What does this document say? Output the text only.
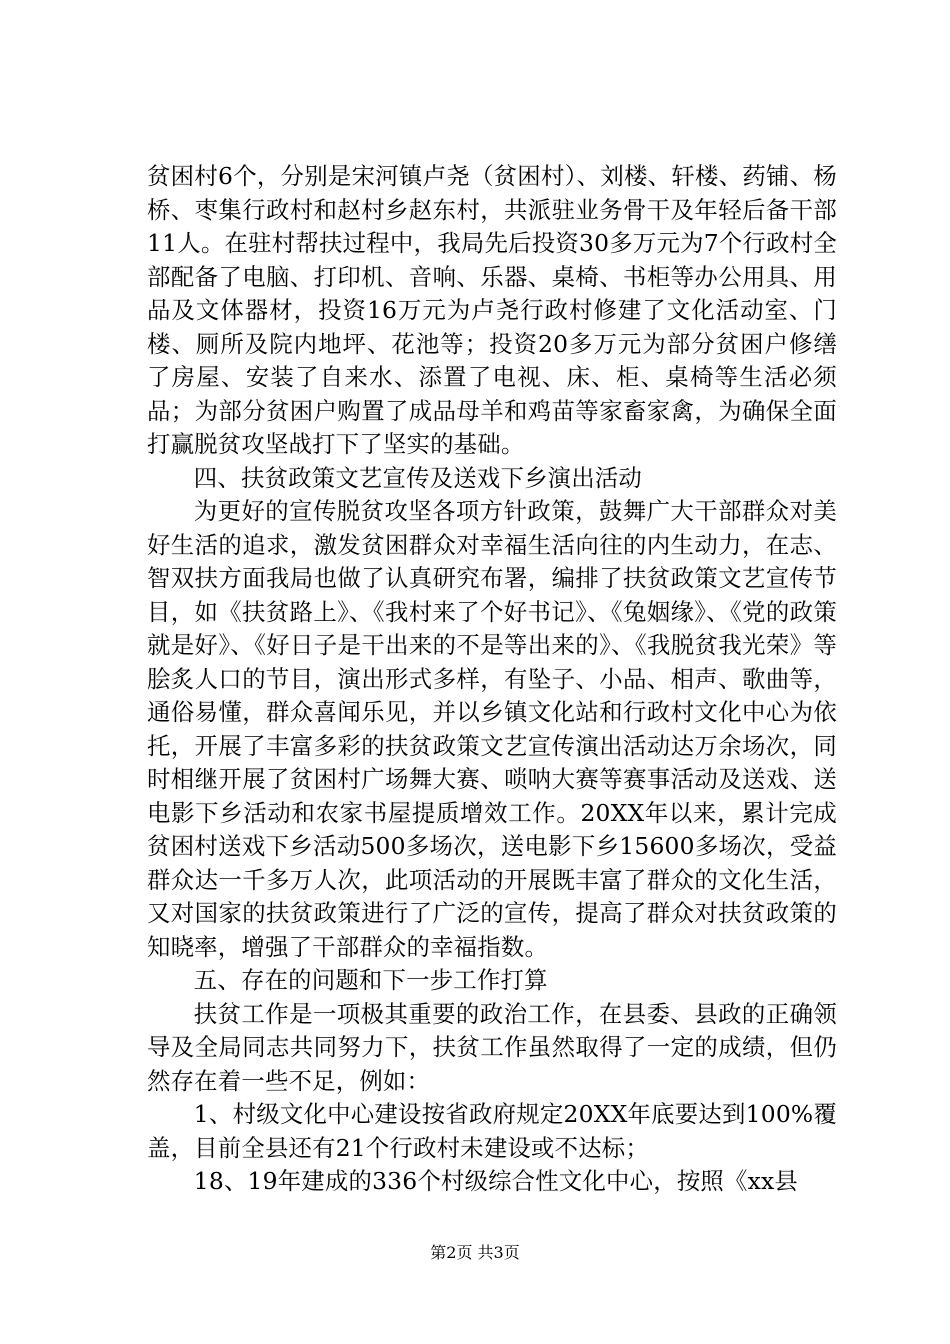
贫困村6个，分别是宋河镇卢尧（贫困村）、刘楼、轩楼、药铺、杨桥、枣集行政村和赵村乡赵东村，共派驻业务骨干及年轻后备干部11人。在驻村帮扶过程中，我局先后投资30多万元为7个行政村全部配备了电脑、打印机、音响、乐器、桌椅、书柜等办公用具、用品及文体器材，投资16万元为卢尧行政村修建了文化活动室、门楼、厕所及院内地坪、花池等；投资20多万元为部分贫困户修缮了房屋、安装了自来水、添置了电视、床、柜、桌椅等生活必须品；为部分贫困户购置了成品母羊和鸡苗等家畜家禽，为确保全面打赢脱贫攻坚战打下了坚实的基础。

四、扶贫政策文艺宣传及送戏下乡演出活动

为更好的宣传脱贫攻坚各项方针政策，鼓舞广大干部群众对美好生活的追求，激发贫困群众对幸福生活向往的内生动力，在志、智双扶方面我局也做了认真研究布署，编排了扶贫政策文艺宣传节目，如《扶贫路上》、《我村来了个好书记》、《兔姻缘》、《党的政策就是好》、《好日子是干出来的不是等出来的》、《我脱贫我光荣》等脍炙人口的节目，演出形式多样，有坠子、小品、相声、歌曲等，通俗易懂，群众喜闻乐见，并以乡镇文化站和行政村文化中心为依托，开展了丰富多彩的扶贫政策文艺宣传演出活动达万余场次，同时相继开展了贫困村广场舞大赛、唢呐大赛等赛事活动及送戏、送电影下乡活动和农家书屋提质增效工作。20XX年以来，累计完成贫困村送戏下乡活动500多场次，送电影下乡15600多场次，受益群众达一千多万人次，此项活动的开展既丰富了群众的文化生活，又对国家的扶贫政策进行了广泛的宣传，提高了群众对扶贫政策的知晓率，增强了干部群众的幸福指数。

五、存在的问题和下一步工作打算

扶贫工作是一项极其重要的政治工作，在县委、县政的正确领导及全局同志共同努力下，扶贫工作虽然取得了一定的成绩，但仍然存在着一些不足，例如：

1、村级文化中心建设按省政府规定20XX年底要达到100%覆盖，目前全县还有21个行政村未建设或不达标；

18、19年建成的336个村级综合性文化中心，按照《xx县

第2页 共3页
